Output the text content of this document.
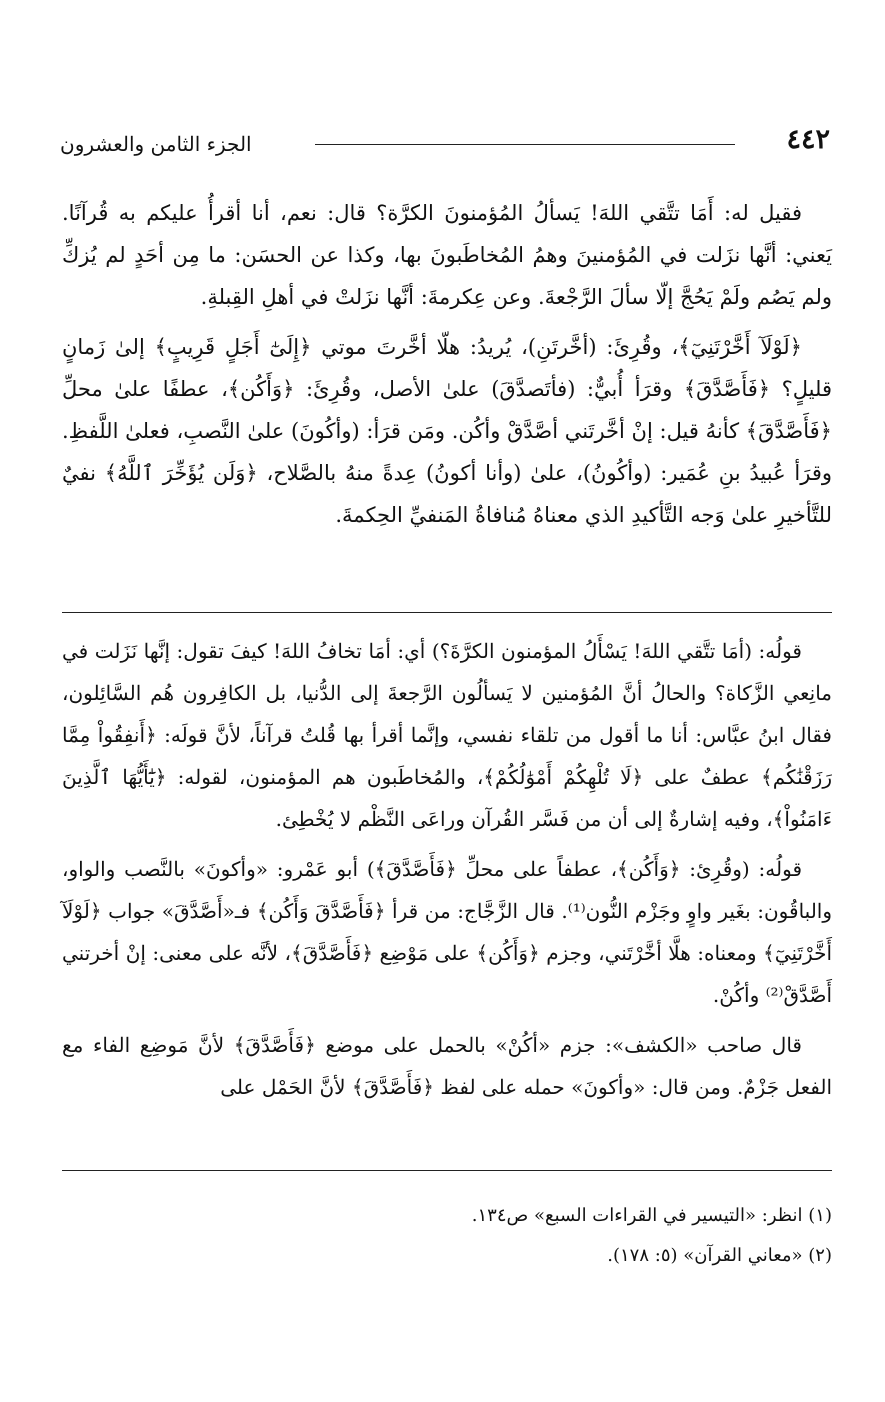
٤٤٢
الجزء الثامن والعشرون

فقيل له: أَمَا تتَّقي اللهَ! يَسألُ المُؤمنونَ الكرَّة؟ قال: نعم، أنا أقرأُ عليكم به قُرآنًا. يَعني: أنَّها نزَلت في المُؤمنينَ وهمُ المُخاطَبونَ بها، وكذا عن الحسَن: ما مِن أحَدٍ لم يُزكِّ ولم يَصُم ولَمْ يَحُجَّ إلّا سألَ الرَّجْعةَ. وعن عِكرمةَ: أنَّها نزَلتْ في أهلِ القِبلةِ.

﴿لَوْلَآ أَخَّرْتَنِيٓ﴾، وقُرِئَ: (أخَّرتَنِ)، يُريدُ: هلّا أخَّرتَ موتي ﴿إِلَىٰٓ أَجَلٍ قَرِيبٍ﴾ إلىٰ زَمانٍ قليلٍ؟ ﴿فَأَصَّدَّقَ﴾ وقرَأ أُبيٌّ: (فأتَصدَّقَ) علىٰ الأصل، وقُرِئَ: ﴿وَأَكُن﴾، عطفًا علىٰ محلِّ ﴿فَأَصَّدَّقَ﴾ كأنهُ قيل: إنْ أخَّرتَني أصَّدَّقْ وأكُن. ومَن قرَأ: (وأكُونَ) علىٰ النَّصبِ، فعلىٰ اللَّفظِ. وقرَأ عُبيدُ بنِ عُمَير: (وأكُونُ)، علىٰ (وأنا أكونُ) عِدةً منهُ بالصَّلاح، ﴿وَلَن يُؤَخِّرَ ٱللَّهُ﴾ نفيٌ للتَّأخيرِ علىٰ وَجه التَّأكيدِ الذي معناهُ مُنافاةُ المَنفيِّ الحِكمةَ.

قولُه: (أمَا تتَّقي اللهَ! يَسْأَلُ المؤمنون الكرَّةَ؟) أي: أمَا تخافُ اللهَ! كيفَ تقول: إنَّها نَزَلت في مانِعي الزَّكاة؟ والحالُ أنَّ المُؤمنين لا يَسألُون الرَّجعةَ إلى الدُّنيا، بل الكافِرون هُم السَّائِلون، فقال ابنُ عبَّاس: أنا ما أقول من تلقاء نفسي، وإنَّما أقرأ بها قُلتُ قرآناً، لأنَّ قولَه: ﴿أَنفِقُواْ مِمَّا رَزَقْنَٰكُم﴾ عطفٌ على ﴿لَا تُلْهِكُمْ أَمْوَٰلُكُمْ﴾، والمُخاطَبون هم المؤمنون، لقوله: ﴿يَٰٓأَيُّهَا ٱلَّذِينَ ءَامَنُواْ﴾، وفيه إشارةٌ إلى أن من فَسَّر القُرآن وراعَى النَّظْم لا يُخْطِئ.

قولُه: (وقُرِئ: ﴿وَأَكُن﴾، عطفاً على محلِّ ﴿فَأَصَّدَّقَ﴾) أبو عَمْرو: «وأكونَ» بالنَّصب والواو، والباقُون: بغَير واوٍ وجَزْم النُّون⁽¹⁾. قال الزَّجَّاج: من قرأ ﴿فَأَصَّدَّقَ وَأَكُن﴾ فـ«أَصَّدَّقَ» جواب ﴿لَوْلَآ أَخَّرْتَنِيٓ﴾ ومعناه: هلَّا أخَّرْتَني، وجزم ﴿وَأَكُن﴾ على مَوْضِع ﴿فَأَصَّدَّقَ﴾، لأنَّه على معنى: إنْ أخرتني أَصَّدَّقْ⁽²⁾ وأكُنْ.

قال صاحب «الكشف»: جزم «أكُنْ» بالحمل على موضع ﴿فَأَصَّدَّقَ﴾ لأنَّ مَوضِع الفاء مع الفعل جَزْمٌ. ومن قال: «وأكونَ» حمله على لفظ ﴿فَأَصَّدَّقَ﴾ لأنَّ الحَمْل على

(١) انظر: «التيسير في القراءات السبع» ص١٣٤.

(٢) «معاني القرآن» (٥: ١٧٨).
